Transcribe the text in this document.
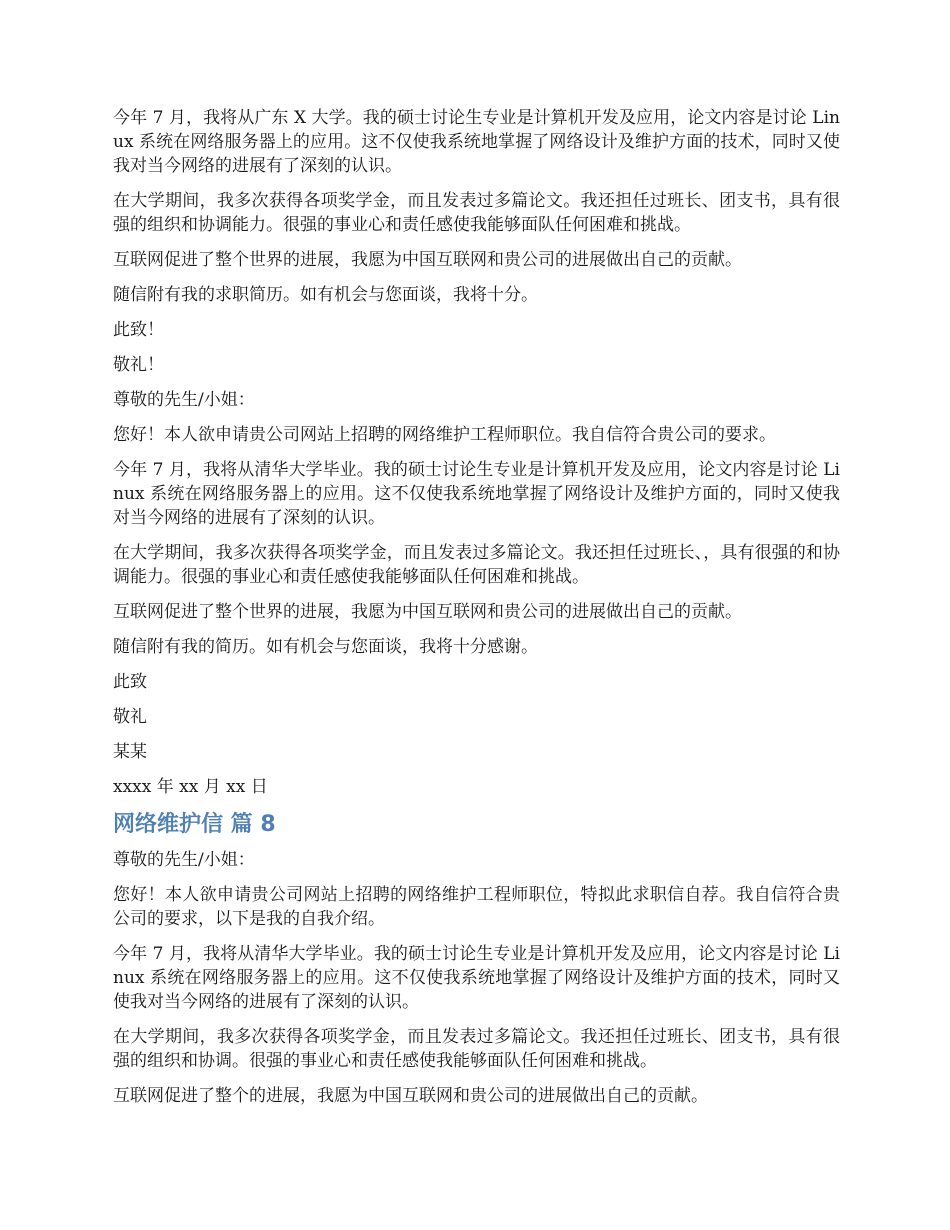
今年 7 月，我将从广东 X 大学。我的硕士讨论生专业是计算机开发及应用，论文内容是讨论 Linux 系统在网络服务器上的应用。这不仅使我系统地掌握了网络设计及维护方面的技术，同时又使我对当今网络的进展有了深刻的认识。

在大学期间，我多次获得各项奖学金，而且发表过多篇论文。我还担任过班长、团支书，具有很强的组织和协调能力。很强的事业心和责任感使我能够面队任何困难和挑战。

互联网促进了整个世界的进展，我愿为中国互联网和贵公司的进展做出自己的贡献。

随信附有我的求职简历。如有机会与您面谈，我将十分。

此致！

敬礼！

尊敬的先生/小姐：

您好！本人欲申请贵公司网站上招聘的网络维护工程师职位。我自信符合贵公司的要求。

今年 7 月，我将从清华大学毕业。我的硕士讨论生专业是计算机开发及应用，论文内容是讨论 Linux 系统在网络服务器上的应用。这不仅使我系统地掌握了网络设计及维护方面的，同时又使我对当今网络的进展有了深刻的认识。

在大学期间，我多次获得各项奖学金，而且发表过多篇论文。我还担任过班长、，具有很强的和协调能力。很强的事业心和责任感使我能够面队任何困难和挑战。

互联网促进了整个世界的进展，我愿为中国互联网和贵公司的进展做出自己的贡献。

随信附有我的简历。如有机会与您面谈，我将十分感谢。

此致

敬礼

某某

xxxx 年 xx 月 xx 日

网络维护信 篇 8

尊敬的先生/小姐：

您好！本人欲申请贵公司网站上招聘的网络维护工程师职位，特拟此求职信自荐。我自信符合贵公司的要求，以下是我的自我介绍。

今年 7 月，我将从清华大学毕业。我的硕士讨论生专业是计算机开发及应用，论文内容是讨论 Linux 系统在网络服务器上的应用。这不仅使我系统地掌握了网络设计及维护方面的技术，同时又使我对当今网络的进展有了深刻的认识。

在大学期间，我多次获得各项奖学金，而且发表过多篇论文。我还担任过班长、团支书，具有很强的组织和协调。很强的事业心和责任感使我能够面队任何困难和挑战。

互联网促进了整个的进展，我愿为中国互联网和贵公司的进展做出自己的贡献。
